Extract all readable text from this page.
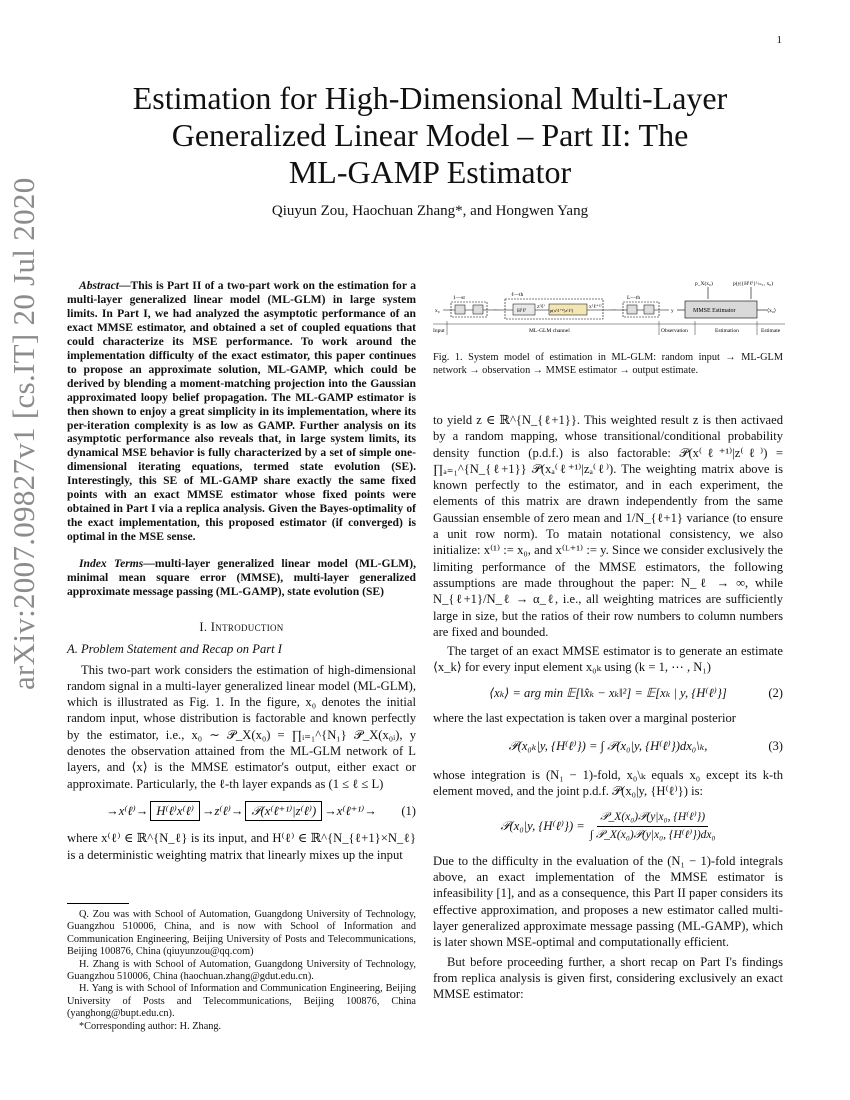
1
arXiv:2007.09827v1 [cs.IT] 20 Jul 2020
Estimation for High-Dimensional Multi-Layer
Generalized Linear Model – Part II: The
ML-GAMP Estimator
Qiuyun Zou, Haochuan Zhang*, and Hongwen Yang

Abstract—This is Part II of a two-part work on the estimation for a multi-layer generalized linear model (ML-GLM) in large system limits. In Part I, we had analyzed the asymptotic performance of an exact MMSE estimator, and obtained a set of coupled equations that could characterize its MSE performance. To work around the implementation difficulty of the exact estimator, this paper continues to propose an approximate solution, ML-GAMP, which could be derived by blending a moment-matching projection into the Gaussian approximated loopy belief propagation. The ML-GAMP estimator is then shown to enjoy a great simplicity in its implementation, where its per-iteration complexity is as low as GAMP. Further analysis on its asymptotic performance also reveals that, in large system limits, its dynamical MSE behavior is fully characterized by a set of simple one-dimensional iterating equations, termed state evolution (SE). Interestingly, this SE of ML-GAMP share exactly the same fixed points with an exact MMSE estimator whose fixed points were obtained in Part I via a replica analysis. Given the Bayes-optimality of the exact implementation, this proposed estimator (if converged) is optimal in the MSE sense.

Index Terms—multi-layer generalized linear model (ML-GLM), minimal mean square error (MMSE), multi-layer generalized approximate message passing (ML-GAMP), state evolution (SE)

I. Introduction
A. Problem Statement and Recap on Part I

This two-part work considers the estimation of high-dimensional random signal in a multi-layer generalized linear model (ML-GLM), which is illustrated as Fig. 1. In the figure, x₀ denotes the initial random input, whose distribution is factorable and known perfectly by the estimator, i.e., x₀ ∼ 𝒫_X(x₀) = ∏ᵢ₌₁^{N₁} 𝒫_X(x₀ᵢ), y denotes the observation attained from the ML-GLM network of L layers, and ⟨x⟩ is the MMSE estimator's output, either exact or approximate. Particularly, the ℓ-th layer expands as (1 ≤ ℓ ≤ L)

→x⁽ℓ⁾→ H⁽ℓ⁾x⁽ℓ⁾ →z⁽ℓ⁾→ 𝒫(x⁽ℓ⁺¹⁾|z⁽ℓ⁾) →x⁽ℓ⁺¹⁾→ (1)

where x⁽ℓ⁾ ∈ ℝ^{N_ℓ} is its input, and H⁽ℓ⁾ ∈ ℝ^{N_{ℓ+1}×N_ℓ} is a deterministic weighting matrix that linearly mixes up the input

Q. Zou was with School of Automation, Guangdong University of Technology, Guangzhou 510006, China, and is now with School of Information and Communication Engineering, Beijing University of Posts and Telecommunications, Beijing 100876, China (qiuyunzou@qq.com)

H. Zhang is with School of Automation, Guangdong University of Technology, Guangzhou 510006, China (haochuan.zhang@gdut.edu.cn).

H. Yang is with School of Information and Communication Engineering, Beijing University of Posts and Telecommunications, Beijing 100876, China (yanghong@bupt.edu.cn).

*Corresponding author: H. Zhang.

p_X(x₀)	p(y|{H⁽ℓ⁾}ᴸₗ₌₁, x₀)
x₀
1—st
⋯
ℓ—th
H⁽ℓ⁾
z⁽ℓ⁾
p(x⁽ℓ⁺¹⁾|z⁽ℓ⁾)
x⁽ℓ⁺¹⁾
⋯
L—th
y	MMSE Estimator	⟨x₀⟩
Input	ML-GLM channel	Observation	Estimation	Estimate
Fig. 1. System model of estimation in ML-GLM: random input → ML-GLM network → observation → MMSE estimator → output estimate.

to yield z ∈ ℝ^{N_{ℓ+1}}. This weighted result z is then activaed by a random mapping, whose transitional/conditional probability density function (p.d.f.) is also factorable: 𝒫(x⁽ℓ⁺¹⁾|z⁽ℓ⁾) = ∏ₐ₌₁^{N_{ℓ+1}} 𝒫(xₐ⁽ℓ⁺¹⁾|zₐ⁽ℓ⁾). The weighting matrix above is known perfectly to the estimator, and in each experiment, the elements of this matrix are drawn independently from the same Gaussian ensemble of zero mean and 1/N_{ℓ+1} variance (to ensure a unit row norm). To matain notational consistency, we also initialize: x⁽¹⁾ := x₀, and x⁽ᴸ⁺¹⁾ := y. Since we consider exclusively the limiting performance of the MMSE estimators, the following assumptions are made throughout the paper: N_ℓ → ∞, while N_{ℓ+1}/N_ℓ → α_ℓ, i.e., all weighting matrices are sufficiently large in size, but the ratios of their row numbers to column numbers are fixed and bounded.

The target of an exact MMSE estimator is to generate an estimate ⟨x_k⟩ for every input element x₀ₖ using (k = 1, ⋯ , N₁)

⟨xₖ⟩ = arg min 𝔼[‖x̂ₖ − xₖ‖²] = 𝔼[xₖ | y, {H⁽ℓ⁾}]	(2)

where the last expectation is taken over a marginal posterior

𝒫(x₀ₖ|y, {H⁽ℓ⁾}) = ∫ 𝒫(x₀|y, {H⁽ℓ⁾})dx₀\ₖ,	(3)

whose integration is (N₁ − 1)-fold, x₀\ₖ equals x₀ except its k-th element moved, and the joint p.d.f. 𝒫(x₀|y, {H⁽ℓ⁾}) is:

𝒫(x₀|y, {H⁽ℓ⁾}) =
𝒫_X(x₀)𝒫(y|x₀, {H⁽ℓ⁾})
∫ 𝒫_X(x₀)𝒫(y|x₀, {H⁽ℓ⁾})dx₀

Due to the difficulty in the evaluation of the (N₁ − 1)-fold integrals above, an exact implementation of the MMSE estimator is infeasibility [1], and as a consequence, this Part II paper considers its effective approximation, and proposes a new estimator called multi-layer generalized approximate message passing (ML-GAMP), which is later shown MSE-optimal and computationally efficient.

But before proceeding further, a short recap on Part I's findings from replica analysis is given first, considering exclusively an exact MMSE estimator:
